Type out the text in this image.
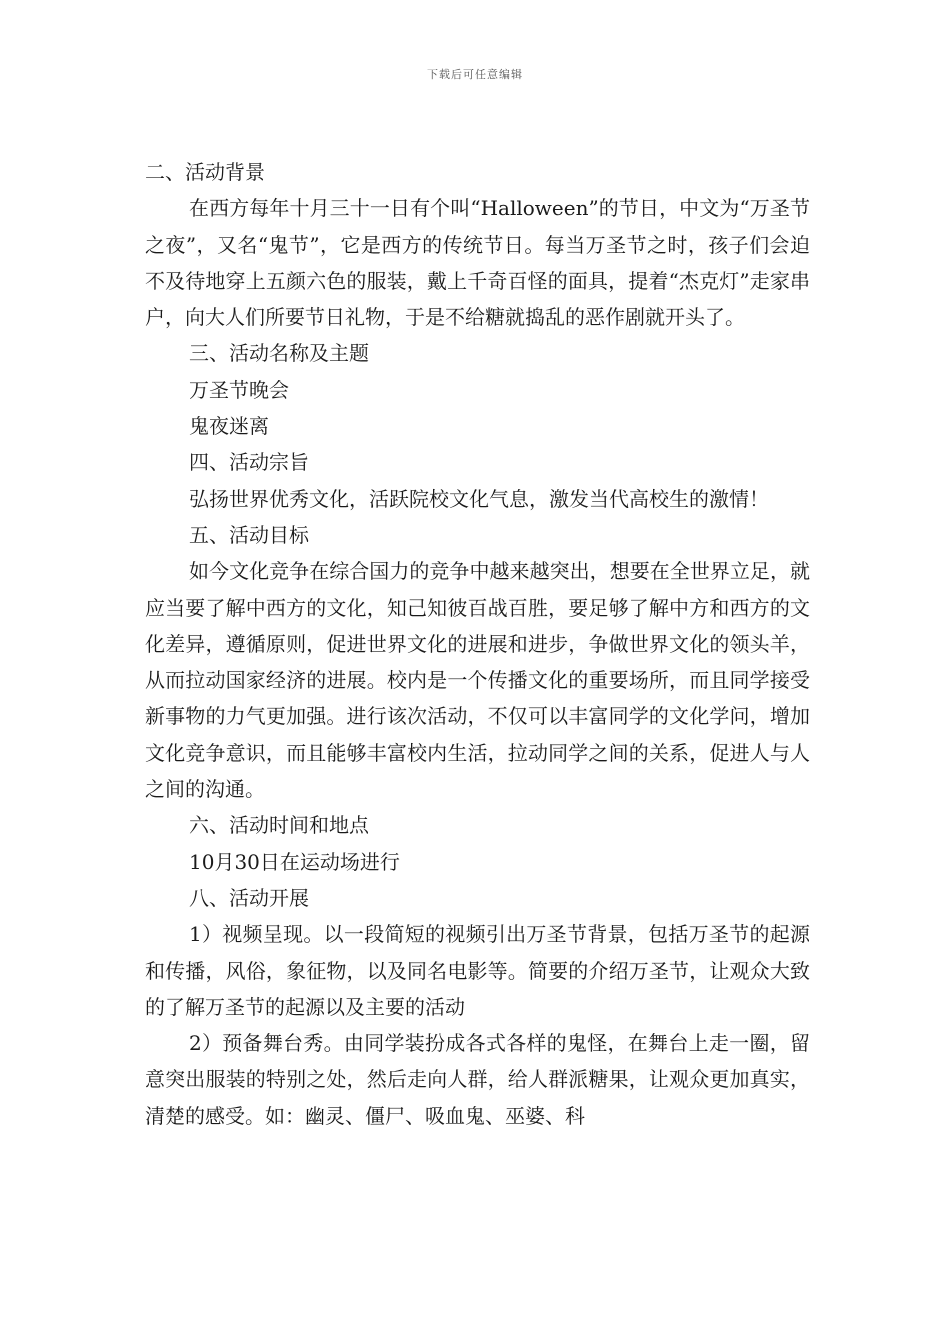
下载后可任意编辑

二、活动背景

在西方每年十月三十一日有个叫“Halloween”的节日，中文为“万圣节之夜”，又名“鬼节”，它是西方的传统节日。每当万圣节之时，孩子们会迫不及待地穿上五颜六色的服装，戴上千奇百怪的面具，提着“杰克灯”走家串户，向大人们所要节日礼物，于是不给糖就捣乱的恶作剧就开头了。

三、活动名称及主题

万圣节晚会

鬼夜迷离

四、活动宗旨

弘扬世界优秀文化，活跃院校文化气息，激发当代高校生的激情！

五、活动目标

如今文化竞争在综合国力的竞争中越来越突出，想要在全世界立足，就应当要了解中西方的文化，知己知彼百战百胜，要足够了解中方和西方的文化差异，遵循原则，促进世界文化的进展和进步，争做世界文化的领头羊，从而拉动国家经济的进展。校内是一个传播文化的重要场所，而且同学接受新事物的力气更加强。进行该次活动，不仅可以丰富同学的文化学问，增加文化竞争意识，而且能够丰富校内生活，拉动同学之间的关系，促进人与人之间的沟通。

六、活动时间和地点

10月30日在运动场进行

八、活动开展

1）视频呈现。以一段简短的视频引出万圣节背景，包括万圣节的起源和传播，风俗，象征物，以及同名电影等。简要的介绍万圣节，让观众大致的了解万圣节的起源以及主要的活动

2）预备舞台秀。由同学装扮成各式各样的鬼怪，在舞台上走一圈，留意突出服装的特别之处，然后走向人群，给人群派糖果，让观众更加真实，清楚的感受。如：幽灵、僵尸、吸血鬼、巫婆、科
